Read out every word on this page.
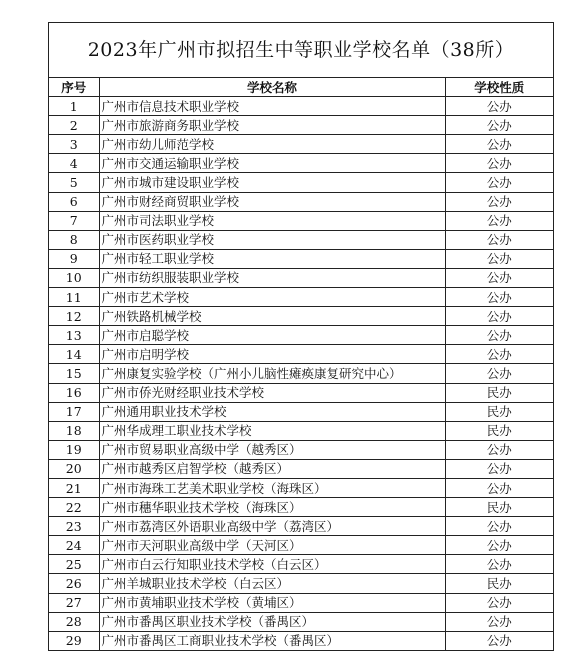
2023年广州市拟招生中等职业学校名单（38所）
序号	学校名称	学校性质
1	广州市信息技术职业学校	公办
2	广州市旅游商务职业学校	公办
3	广州市幼儿师范学校	公办
4	广州市交通运输职业学校	公办
5	广州市城市建设职业学校	公办
6	广州市财经商贸职业学校	公办
7	广州市司法职业学校	公办
8	广州市医药职业学校	公办
9	广州市轻工职业学校	公办
10	广州市纺织服装职业学校	公办
11	广州市艺术学校	公办
12	广州铁路机械学校	公办
13	广州市启聪学校	公办
14	广州市启明学校	公办
15	广州康复实验学校（广州小儿脑性瘫痪康复研究中心）	公办
16	广州市侨光财经职业技术学校	民办
17	广州通用职业技术学校	民办
18	广州华成理工职业技术学校	民办
19	广州市贸易职业高级中学（越秀区）	公办
20	广州市越秀区启智学校（越秀区）	公办
21	广州市海珠工艺美术职业学校（海珠区）	公办
22	广州市穗华职业技术学校（海珠区）	民办
23	广州市荔湾区外语职业高级中学（荔湾区）	公办
24	广州市天河职业高级中学（天河区）	公办
25	广州市白云行知职业技术学校（白云区）	公办
26	广州羊城职业技术学校（白云区）	民办
27	广州市黄埔职业技术学校（黄埔区）	公办
28	广州市番禺区职业技术学校（番禺区）	公办
29	广州市番禺区工商职业技术学校（番禺区）	公办
